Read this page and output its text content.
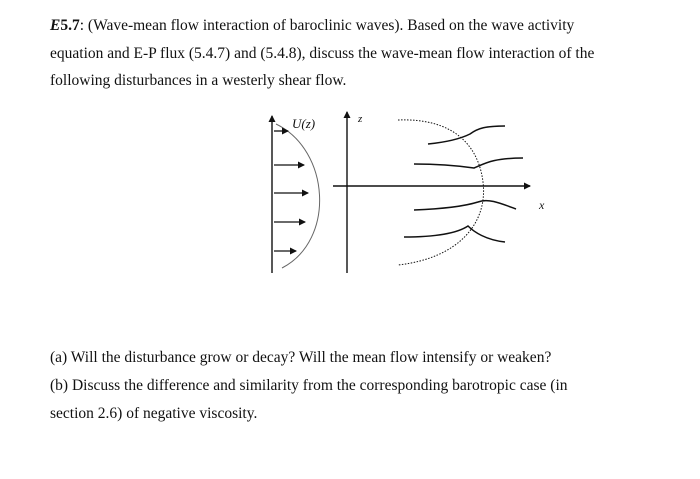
E5.7: (Wave-mean flow interaction of baroclinic waves). Based on the wave activity
equation and E-P flux (5.4.7) and (5.4.8), discuss the wave-mean flow interaction of the
following disturbances in a westerly shear flow.
U(z)	z
x
(a) Will the disturbance grow or decay? Will the mean flow intensify or weaken?
(b) Discuss the difference and similarity from the corresponding barotropic case (in
section 2.6) of negative viscosity.
